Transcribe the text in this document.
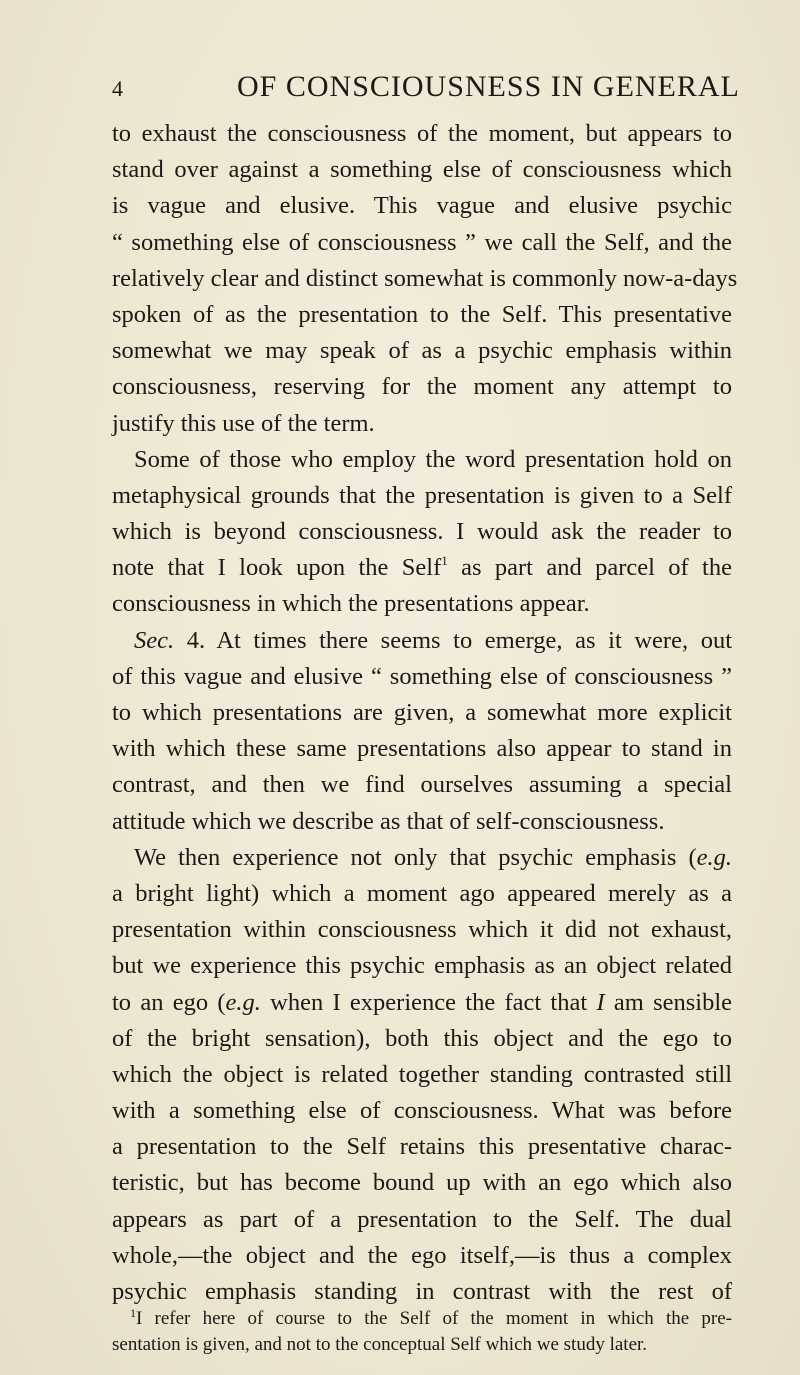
4	OF CONSCIOUSNESS IN GENERAL

to exhaust the consciousness of the moment, but appears to
stand over against a something else of consciousness which
is vague and elusive. This vague and elusive psychic
“ something else of consciousness ” we call the Self, and the
relatively clear and distinct somewhat is commonly now-a-days
spoken of as the presentation to the Self. This presentative
somewhat we may speak of as a psychic emphasis within
consciousness, reserving for the moment any attempt to
justify this use of the term.

Some of those who employ the word presentation hold on
metaphysical grounds that the presentation is given to a Self
which is beyond consciousness. I would ask the reader to
note that I look upon the Self$^1$ as part and parcel of the
consciousness in which the presentations appear.

Sec. 4. At times there seems to emerge, as it were, out
of this vague and elusive “ something else of consciousness ”
to which presentations are given, a somewhat more explicit
with which these same presentations also appear to stand in
contrast, and then we find ourselves assuming a special
attitude which we describe as that of self-consciousness.

We then experience not only that psychic emphasis (e.g.
a bright light) which a moment ago appeared merely as a
presentation within consciousness which it did not exhaust,
but we experience this psychic emphasis as an object related
to an ego (e.g. when I experience the fact that I am sensible
of the bright sensation), both this object and the ego to
which the object is related together standing contrasted still
with a something else of consciousness. What was before
a presentation to the Self retains this presentative charac-
teristic, but has become bound up with an ego which also
appears as part of a presentation to the Self. The dual
whole,—the object and the ego itself,—is thus a complex
psychic emphasis standing in contrast with the rest of

$^1$I refer here of course to the Self of the moment in which the pre-
sentation is given, and not to the conceptual Self which we study later.
